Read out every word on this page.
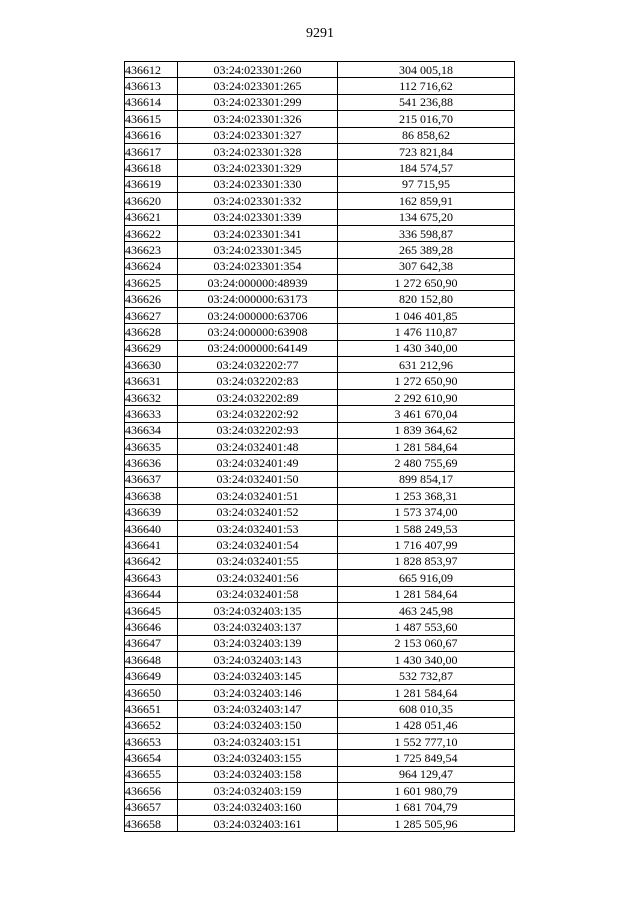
9291
436612	03:24:023301:260	304 005,18
436613	03:24:023301:265	112 716,62
436614	03:24:023301:299	541 236,88
436615	03:24:023301:326	215 016,70
436616	03:24:023301:327	86 858,62
436617	03:24:023301:328	723 821,84
436618	03:24:023301:329	184 574,57
436619	03:24:023301:330	97 715,95
436620	03:24:023301:332	162 859,91
436621	03:24:023301:339	134 675,20
436622	03:24:023301:341	336 598,87
436623	03:24:023301:345	265 389,28
436624	03:24:023301:354	307 642,38
436625	03:24:000000:48939	1 272 650,90
436626	03:24:000000:63173	820 152,80
436627	03:24:000000:63706	1 046 401,85
436628	03:24:000000:63908	1 476 110,87
436629	03:24:000000:64149	1 430 340,00
436630	03:24:032202:77	631 212,96
436631	03:24:032202:83	1 272 650,90
436632	03:24:032202:89	2 292 610,90
436633	03:24:032202:92	3 461 670,04
436634	03:24:032202:93	1 839 364,62
436635	03:24:032401:48	1 281 584,64
436636	03:24:032401:49	2 480 755,69
436637	03:24:032401:50	899 854,17
436638	03:24:032401:51	1 253 368,31
436639	03:24:032401:52	1 573 374,00
436640	03:24:032401:53	1 588 249,53
436641	03:24:032401:54	1 716 407,99
436642	03:24:032401:55	1 828 853,97
436643	03:24:032401:56	665 916,09
436644	03:24:032401:58	1 281 584,64
436645	03:24:032403:135	463 245,98
436646	03:24:032403:137	1 487 553,60
436647	03:24:032403:139	2 153 060,67
436648	03:24:032403:143	1 430 340,00
436649	03:24:032403:145	532 732,87
436650	03:24:032403:146	1 281 584,64
436651	03:24:032403:147	608 010,35
436652	03:24:032403:150	1 428 051,46
436653	03:24:032403:151	1 552 777,10
436654	03:24:032403:155	1 725 849,54
436655	03:24:032403:158	964 129,47
436656	03:24:032403:159	1 601 980,79
436657	03:24:032403:160	1 681 704,79
436658	03:24:032403:161	1 285 505,96
